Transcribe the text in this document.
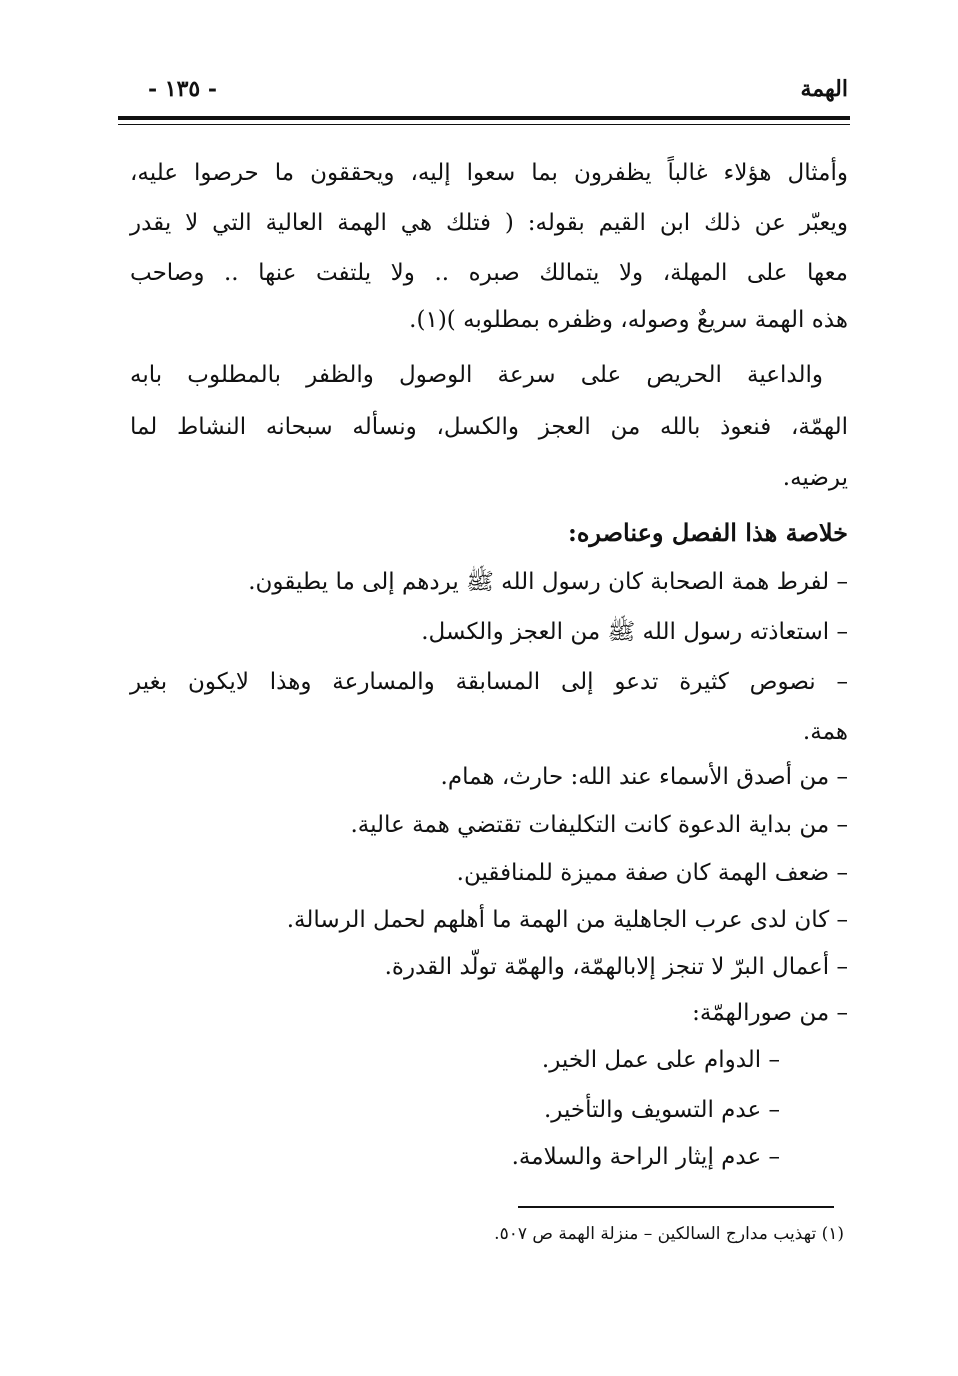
الهمة
- ١٣٥ -
وأمثال هؤلاء غالباً يظفرون بما سعوا إليه، ويحققون ما حرصوا عليه،
ويعبّر عن ذلك ابن القيم بقوله: ( فتلك هي الهمة العالية التي لا يقدر
معها على المهلة، ولا يتمالك صبره .. ولا يلتفت عنها .. وصاحب
هذه الهمة سريعٌ وصوله، وظفره بمطلوبه )(١).
والداعية الحريص على سرعة الوصول والظفر بالمطلوب بابه
الهمّة، فنعوذ بالله من العجز والكسل، ونسأله سبحانه النشاط لما
يرضيه.
خلاصة هذا الفصل وعناصره:
– لفرط همة الصحابة كان رسول الله ﷺ يردهم إلى ما يطيقون.
– استعاذته رسول الله ﷺ من العجز والكسل.
– نصوص كثيرة تدعو إلى المسابقة والمسارعة وهذا لايكون بغير
همة.
– من أصدق الأسماء عند الله: حارث، همام.
– من بداية الدعوة كانت التكليفات تقتضي همة عالية.
– ضعف الهمة كان صفة مميزة للمنافقين.
– كان لدى عرب الجاهلية من الهمة ما أهلهم لحمل الرسالة.
– أعمال البرّ لا تنجز إلابالهمّة، والهمّة تولّد القدرة.
– من صورالهمّة:
– الدوام على عمل الخير.
– عدم التسويف والتأخير.
– عدم إيثار الراحة والسلامة.
(١) تهذيب مدارج السالكين – منزلة الهمة ص ٥٠٧.
